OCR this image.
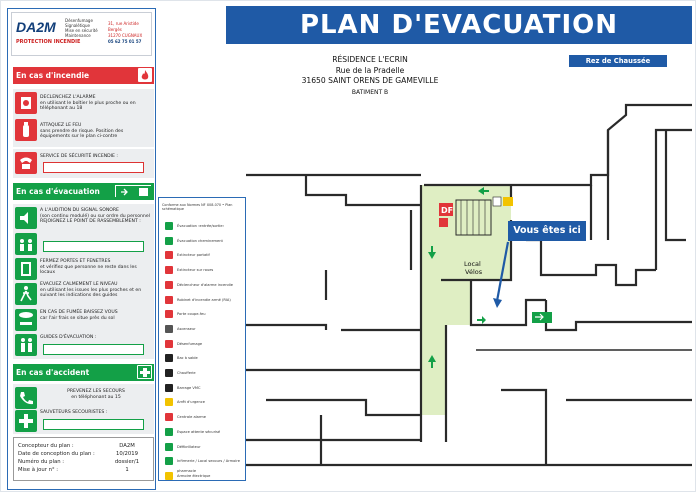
PLAN D'EVACUATION
DA2M
PROTECTION INCENDIE
Désenfumage
Signalétique
Mise en sécurité
Maintenance
31, rue Aristide Bergès
31270 CUGNAUX
05 62 75 01 57
En cas d'incendie
DECLENCHEZ L'ALARME
en utilisant le boîtier le plus proche ou en téléphonant au 18
ATTAQUEZ LE FEU
sans prendre de risque. Position des équipements sur le plan ci-contre
SERVICE DE SÉCURITÉ INCENDIE :
En cas d'évacuation
A L'AUDITION DU SIGNAL SONORE
(son continu modulé) ou sur ordre du personnel
REJOIGNEZ LE POINT DE RASSEMBLEMENT :
FERMEZ PORTES ET FENETRES
et vérifiez que personne ne reste dans les locaux
EVACUEZ CALMEMENT LE NIVEAU
en utilisant les issues les plus proches et en suivant les indications des guides
EN CAS DE FUMÉE BAISSEZ VOUS
car l'air frais se situe près du sol
GUIDES D'ÉVACUATION :
En cas d'accident
PREVENEZ LES SECOURS
en téléphonant au 15
SAUVETEURS SECOURISTES :
Concepteur du plan :
Date de conception du plan :
Numéro du plan :
Mise à jour n° :
DA2M
10/2019
dossier/1
1
Conforme aux Normes NF X08-070 • Plan schématique
Évacuation ‹entrée/sortie›
Évacuation cheminement
Extincteur portatif
Extincteur sur roues
Déclencheur d'alarme incendie
Robinet d'incendie armé (RIA)
Porte coupe-feu
Ascenseur
Désenfumage
Bac à sable
Chaufferie
Barrage VMC
Arrêt d'urgence
Centrale alarme
Espace attente sécurisé
Défibrillateur
Infirmerie / Local secours / Armoire pharmacie
Armoire électrique
RÉSIDENCE L'ECRIN
Rue de la Pradelle
31650 SAINT ORENS DE GAMEVILLE
BATIMENT B
Rez de Chaussée
DF
Local
Vélos
Vous êtes ici
